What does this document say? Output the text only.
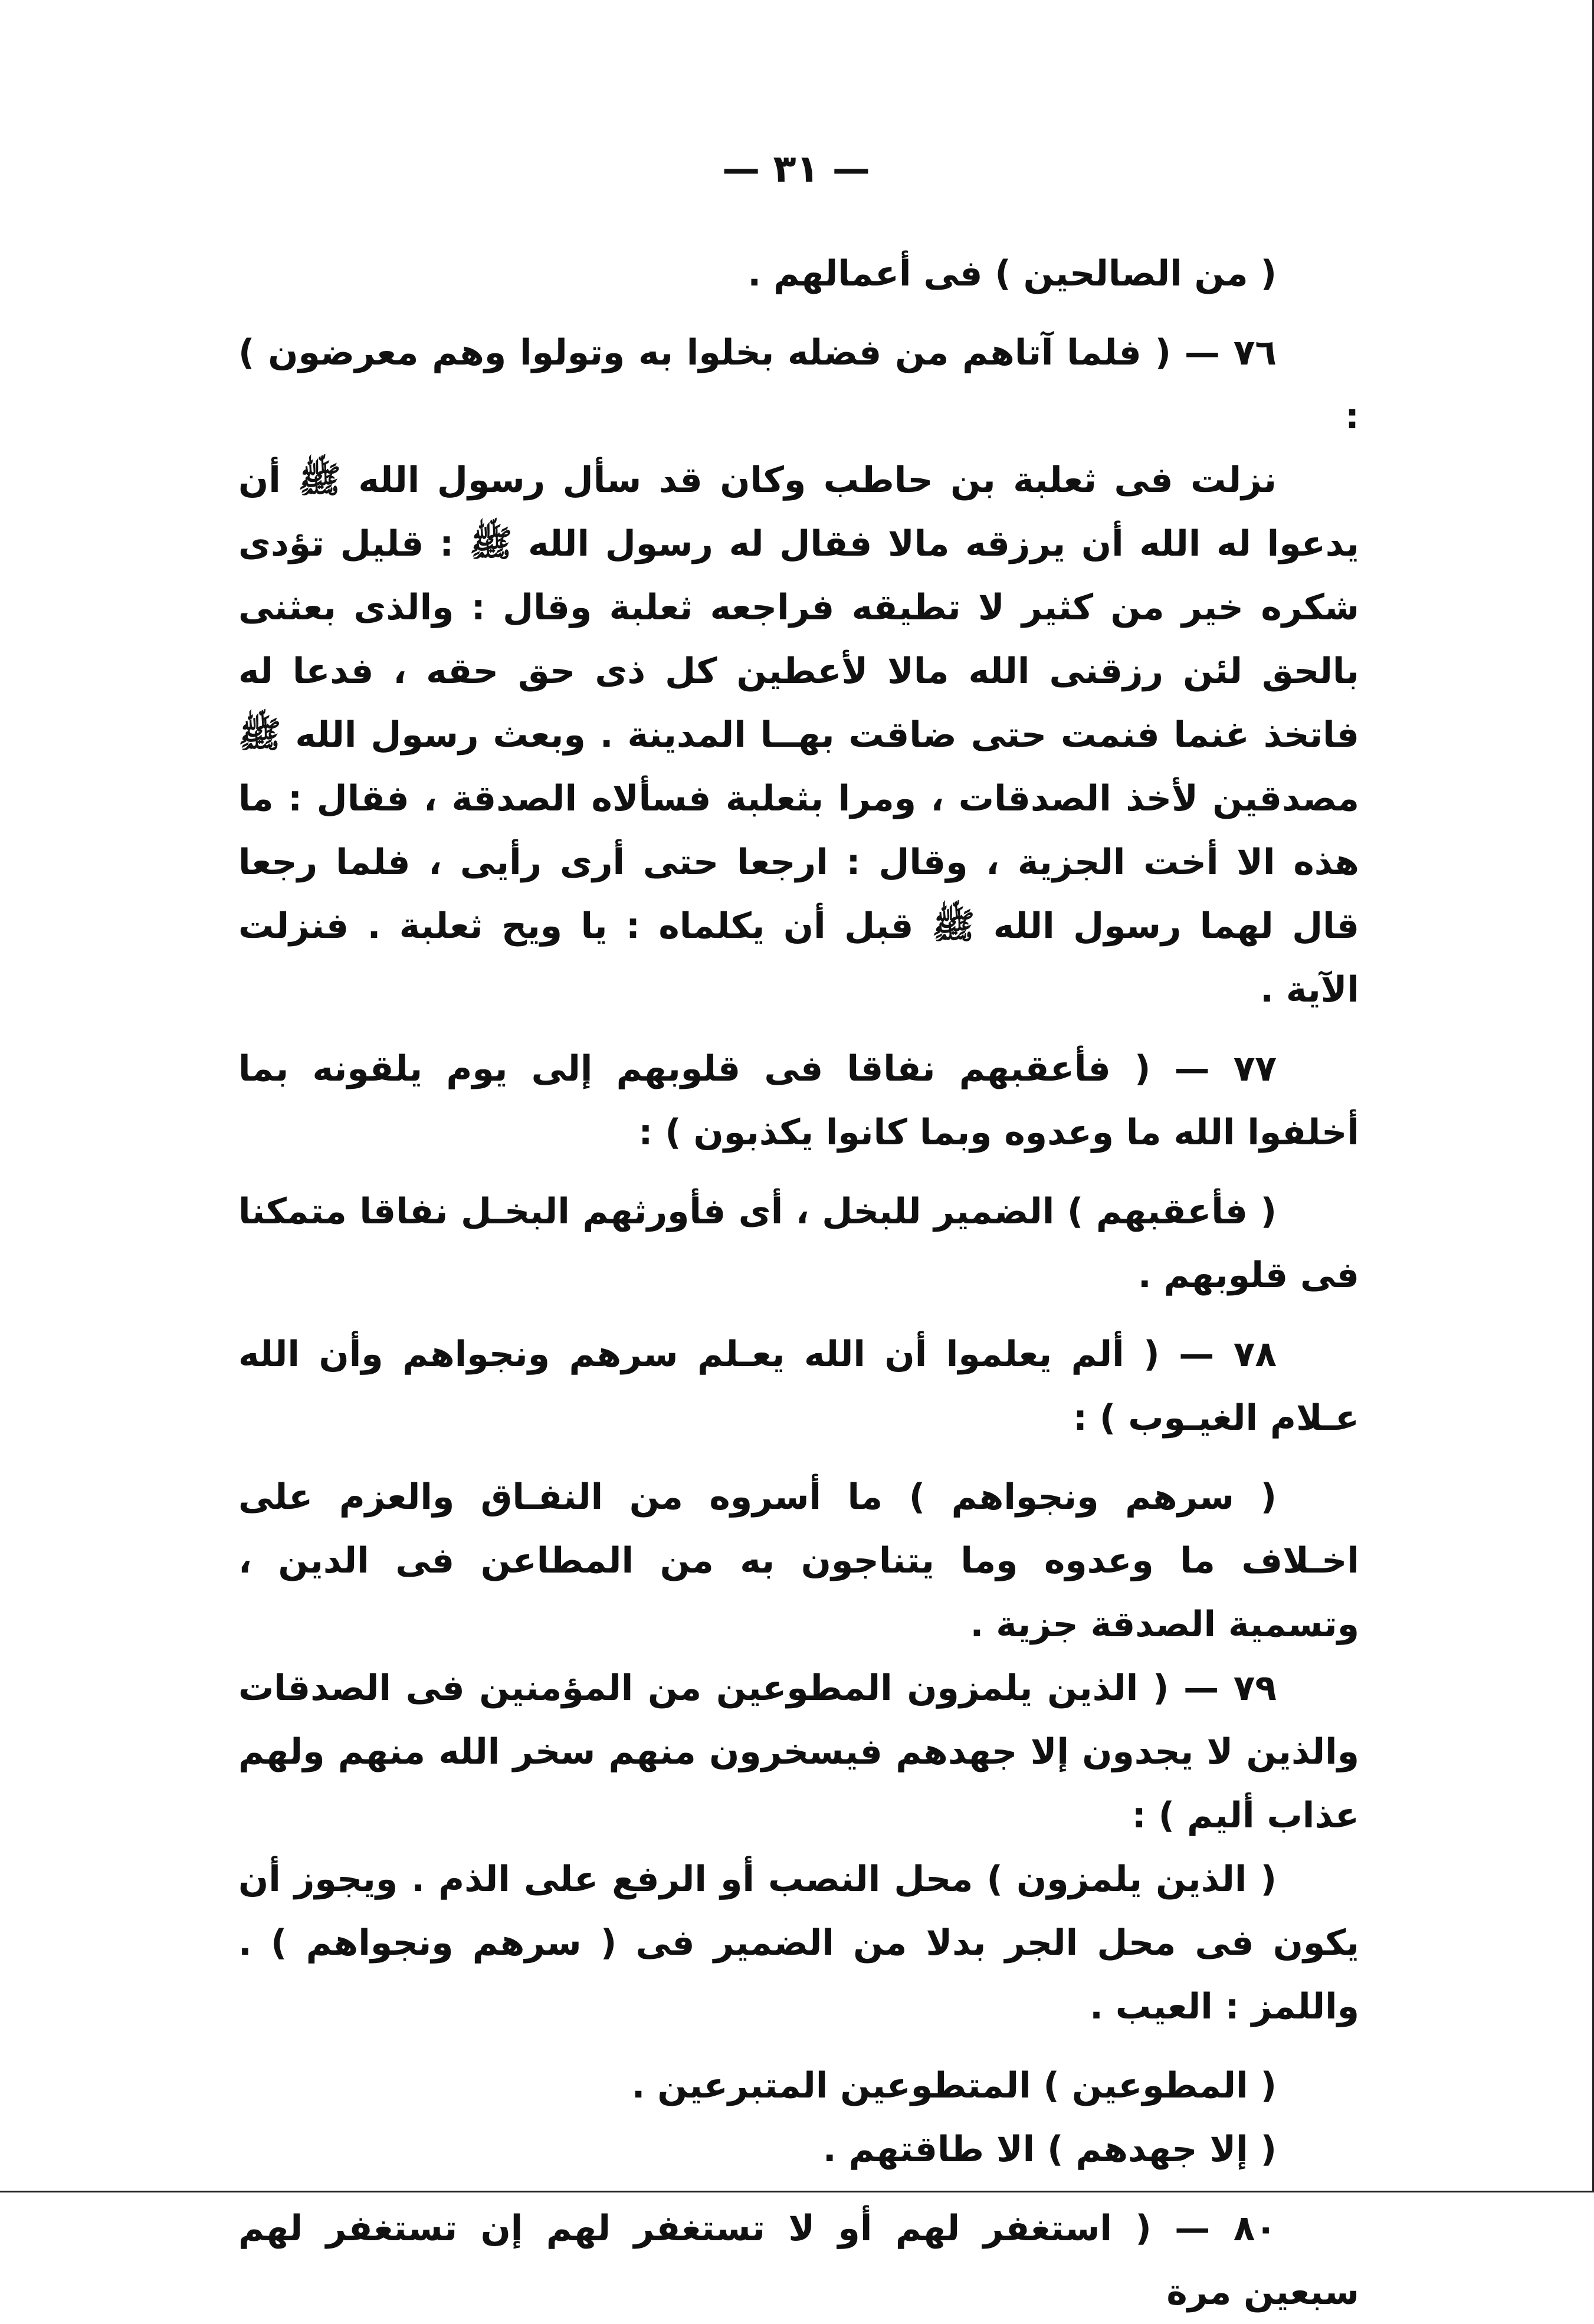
— ٣١ —

( من الصالحين ) فى أعمالهم .

٧٦ — ( فلما آتاهم من فضله بخلوا به وتولوا وهم معرضون ) :

نزلت فى ثعلبة بن حاطب وكان قد سأل رسول الله ﷺ أن يدعوا له الله أن يرزقه مالا فقال له رسول الله ﷺ : قليل تؤدى شكره خير من كثير لا تطيقه فراجعه ثعلبة وقال : والذى بعثنى بالحق لئن رزقنى الله مالا لأعطين كل ذى حق حقه ، فدعا له فاتخذ غنما فنمت حتى ضاقت بهــا المدينة . وبعث رسول الله ﷺ مصدقين لأخذ الصدقات ، ومرا بثعلبة فسألاه الصدقة ، فقال : ما هذه الا أخت الجزية ، وقال : ارجعا حتى أرى رأيى ، فلما رجعا قال لهما رسول الله ﷺ قبل أن يكلماه : يا ويح ثعلبة . فنزلت الآية .

٧٧ — ( فأعقبهم نفاقا فى قلوبهم إلى يوم يلقونه بما أخلفوا الله ما وعدوه وبما كانوا يكذبون ) :

( فأعقبهم ) الضمير للبخل ، أى فأورثهم البخـل نفاقا متمكنا فى قلوبهم .

٧٨ — ( ألم يعلموا أن الله يعـلم سرهم ونجواهم وأن الله عـلام الغيـوب ) :

( سرهم ونجواهم ) ما أسروه من النفـاق والعزم على اخـلاف ما وعدوه وما يتناجون به من المطاعن فى الدين ، وتسمية الصدقة جزية .

٧٩ — ( الذين يلمزون المطوعين من المؤمنين فى الصدقات والذين لا يجدون إلا جهدهم فيسخرون منهم سخر الله منهم ولهم عذاب أليم ) :

( الذين يلمزون ) محل النصب أو الرفع على الذم . ويجوز أن يكون فى محل الجر بدلا من الضمير فى ( سرهم ونجواهم ) . واللمز : العيب .

( المطوعين ) المتطوعين المتبرعين .

( إلا جهدهم ) الا طاقتهم .

٨٠ — ( استغفر لهم أو لا تستغفر لهم إن تستغفر لهم سبعين مرة
